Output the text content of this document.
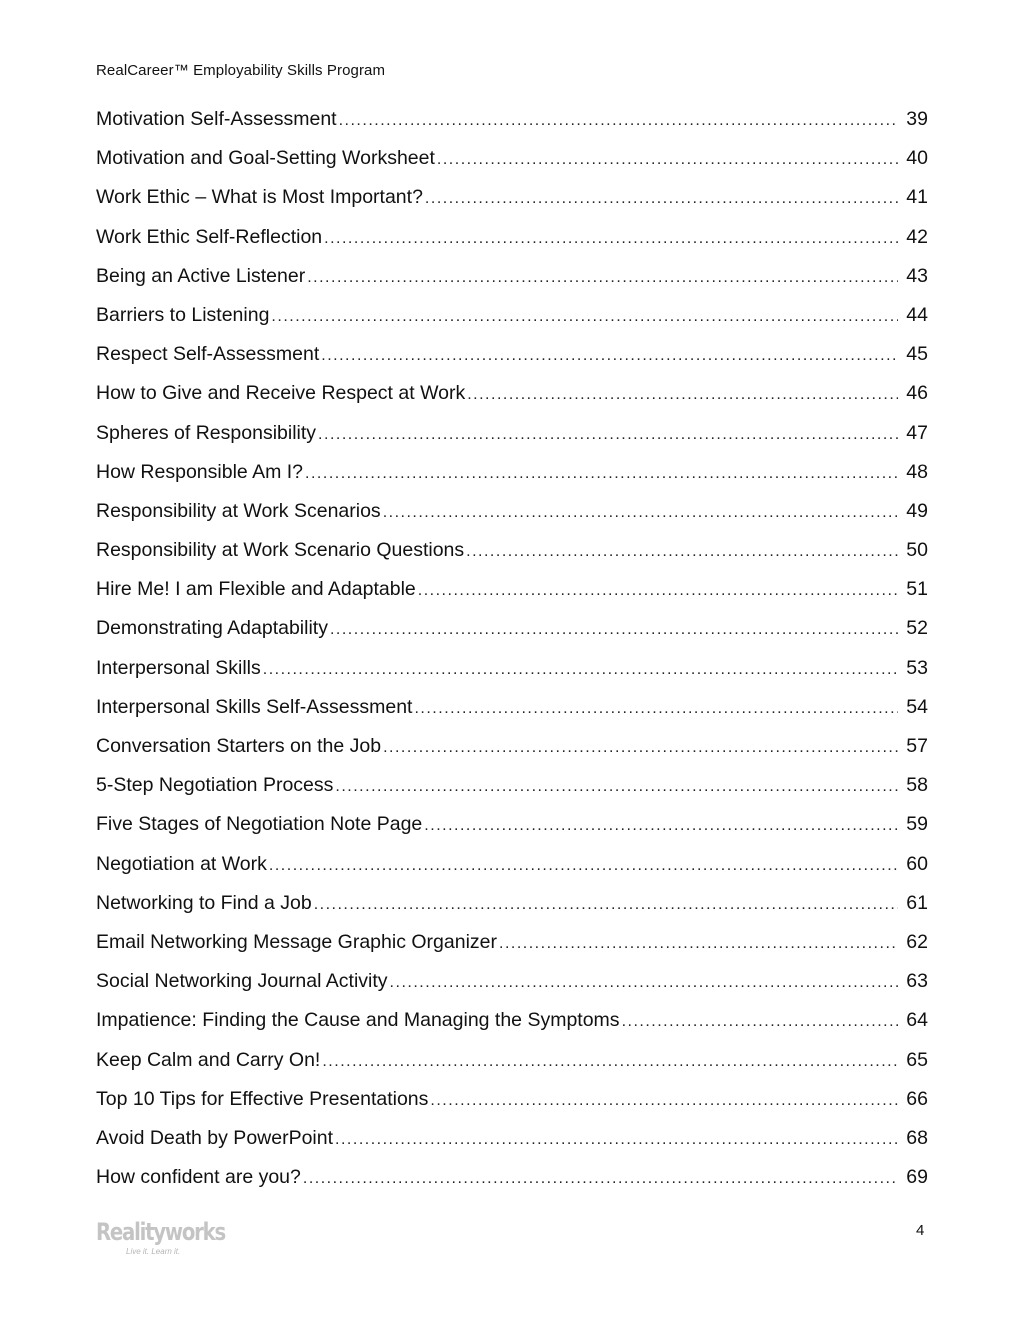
RealCareer™ Employability Skills Program
Motivation Self-Assessment .....	39
Motivation and Goal-Setting Worksheet .....	40
Work Ethic – What is Most Important? .....	41
Work Ethic Self-Reflection .....	42
Being an Active Listener .....	43
Barriers to Listening .....	44
Respect Self-Assessment .....	45
How to Give and Receive Respect at Work .....	46
Spheres of Responsibility .....	47
How Responsible Am I? .....	48
Responsibility at Work Scenarios .....	49
Responsibility at Work Scenario Questions .....	50
Hire Me! I am Flexible and Adaptable .....	51
Demonstrating Adaptability .....	52
Interpersonal Skills .....	53
Interpersonal Skills Self-Assessment .....	54
Conversation Starters on the Job .....	57
5-Step Negotiation Process .....	58
Five Stages of Negotiation Note Page .....	59
Negotiation at Work .....	60
Networking to Find a Job .....	61
Email Networking Message Graphic Organizer .....	62
Social Networking Journal Activity .....	63
Impatience: Finding the Cause and Managing the Symptoms .....	64
Keep Calm and Carry On! .....	65
Top 10 Tips for Effective Presentations .....	66
Avoid Death by PowerPoint .....	68
How confident are you? .....	69
Realityworks
Live it. Learn it.
4
